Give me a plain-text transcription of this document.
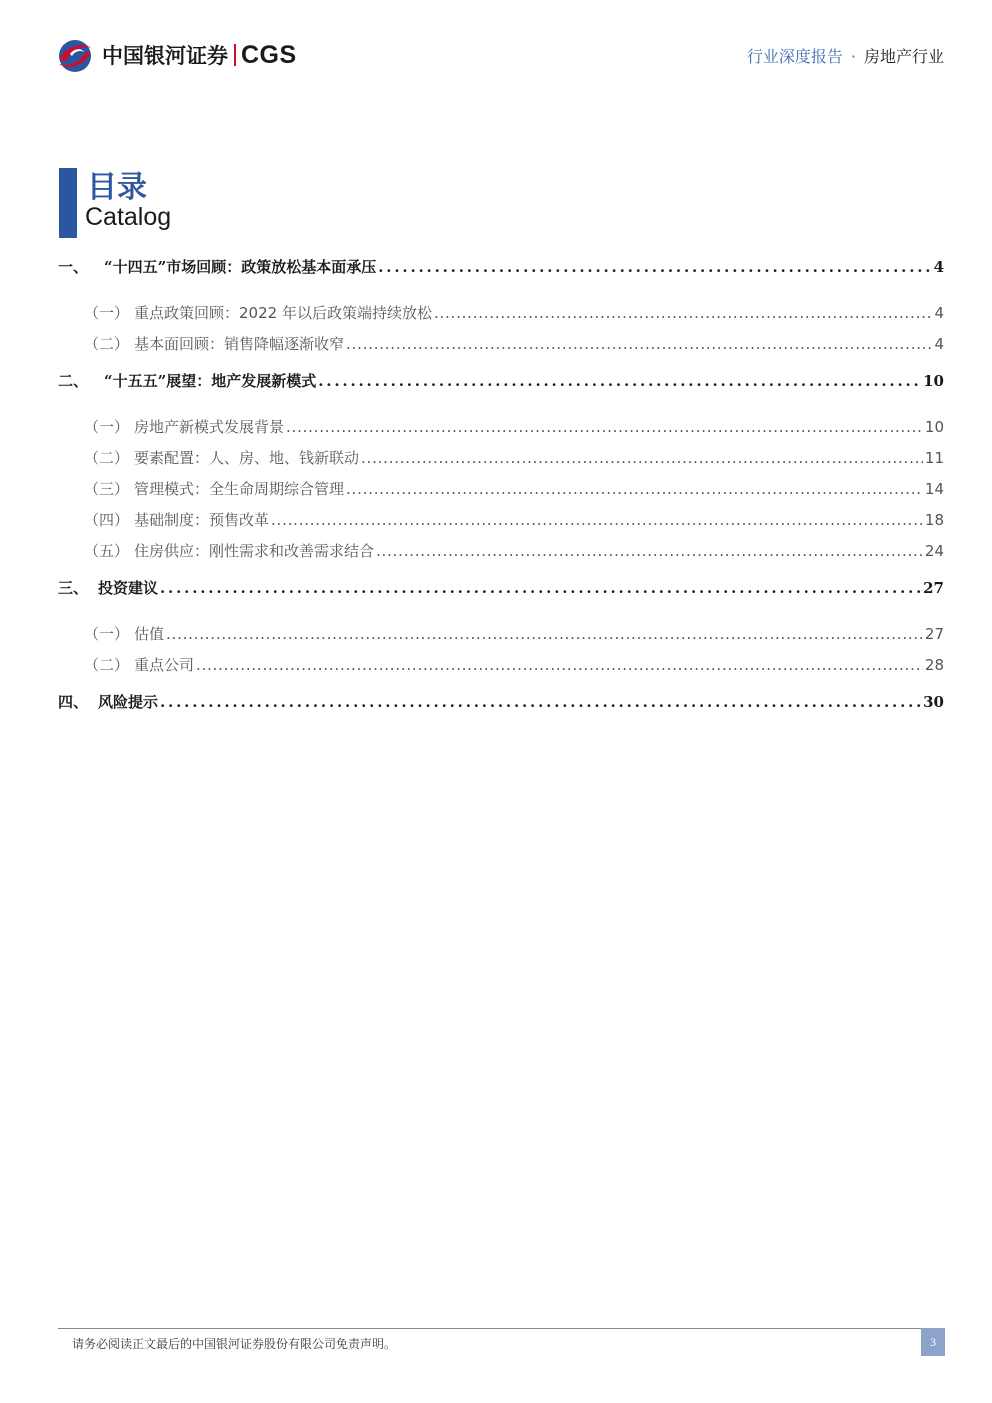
中国银河证券 CGS	行业深度报告 · 房地产行业
目录
Catalog
一、	“十四五”市场回顾：政策放松基本面承压 . . .	4
（一） 重点政策回顾：2022 年以后政策端持续放松 . . .	4
（二） 基本面回顾：销售降幅逐渐收窄 . . .	4
二、	“十五五”展望：地产发展新模式 . . .	10
（一） 房地产新模式发展背景 . . .	10
（二） 要素配置：人、房、地、钱新联动 . . .	11
（三） 管理模式：全生命周期综合管理 . . .	14
（四） 基础制度：预售改革 . . .	18
（五） 住房供应：刚性需求和改善需求结合 . . .	24
三、 投资建议 . . .	27
（一） 估值 . . .	27
（二） 重点公司 . . .	28
四、 风险提示 . . .	30
请务必阅读正文最后的中国银河证券股份有限公司免责声明。	3
